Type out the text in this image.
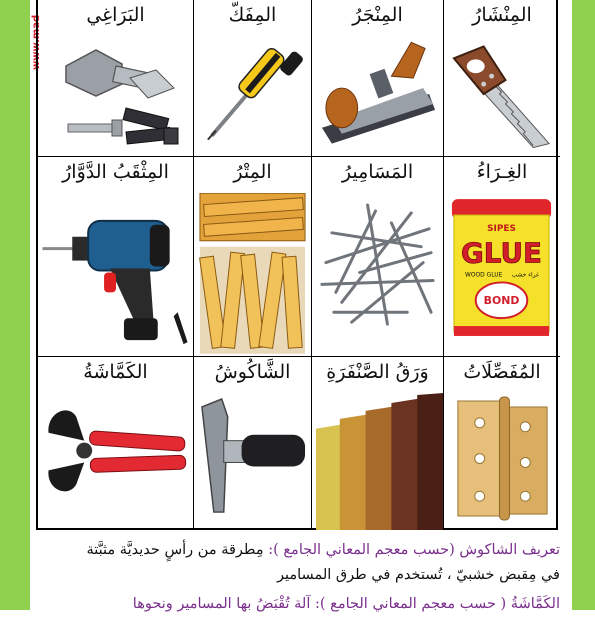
www.mad	البَرَاغِي	المِفَكّ	المِنْجَرُ	المِنْشَارُ
المِثْقَبُ الدَّوَّارُ	المِتْرُ	المَسَامِيرُ	الغِـرَاءُ
SIPES
GLUE
WOOD GLUE غراء خشب
BOND
الكَمَّاشَةُ	الشَّاكُوشُ	وَرَقُ الصَّنْفَرَةِ	المُفَصِّلَاتُ
تعريف الشاكوش (حسب معجم المعاني الجامع ): مِطرقة من رأسٍ حديديَّة مثبَّتة
في مِقبض خشبيّ ، تُستخدم في طرق المسامير
الكَمَّاشَةُ ( حسب معجم المعاني الجامع ): آلة تُقْبَضُ بها المسامير ونحوها
